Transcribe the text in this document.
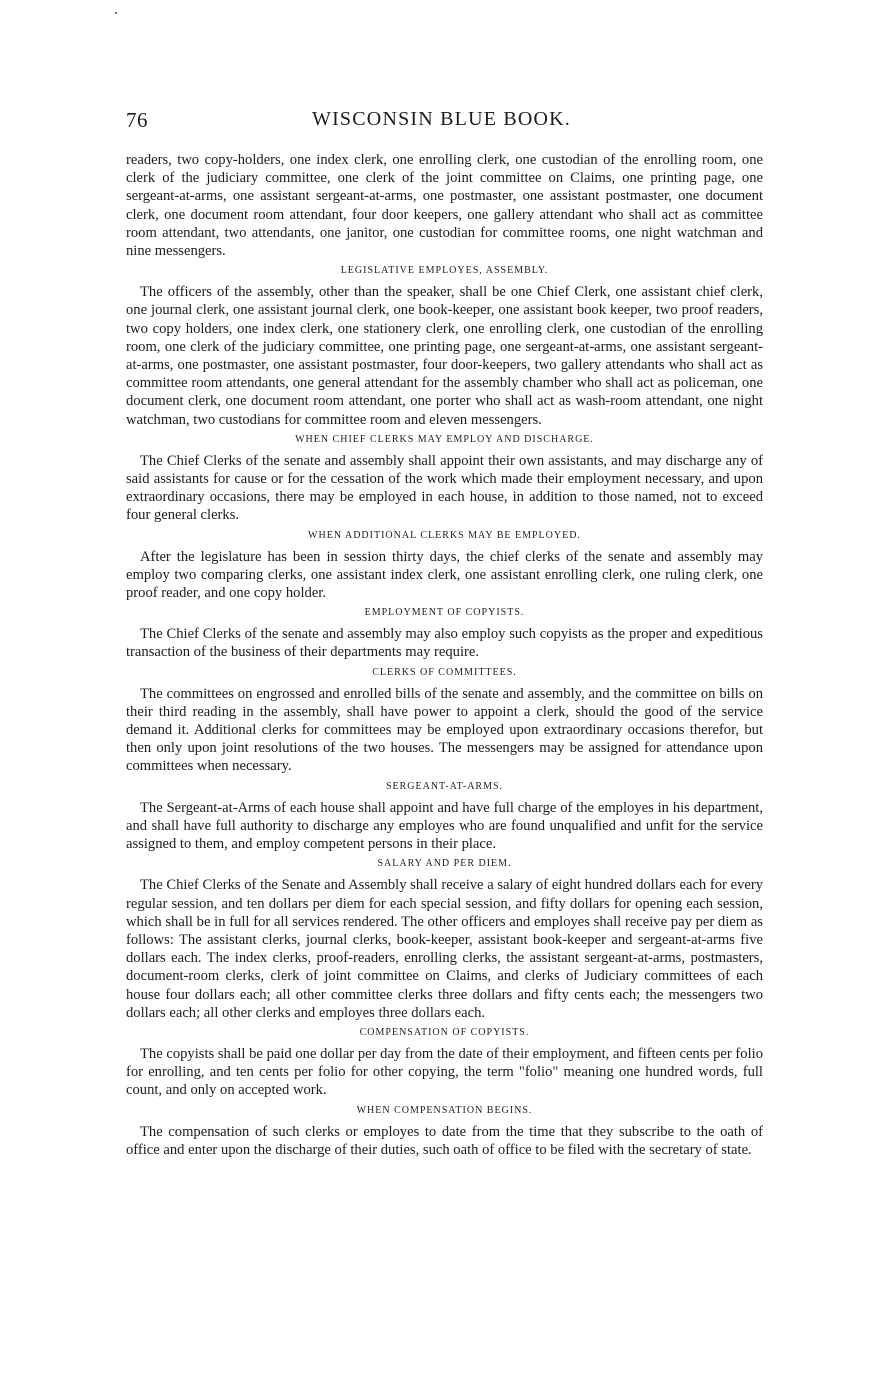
76	WISCONSIN BLUE BOOK.

readers, two copy-holders, one index clerk, one enrolling clerk, one custodian of the enrolling room, one clerk of the judiciary committee, one clerk of the joint committee on Claims, one printing page, one sergeant-at-arms, one assistant sergeant-at-arms, one postmaster, one assistant postmaster, one document clerk, one document room attendant, four door keepers, one gallery attendant who shall act as committee room attendant, two attendants, one janitor, one custodian for committee rooms, one night watchman and nine messengers.

LEGISLATIVE EMPLOYES, ASSEMBLY.

The officers of the assembly, other than the speaker, shall be one Chief Clerk, one assistant chief clerk, one journal clerk, one assistant journal clerk, one book-keeper, one assistant book keeper, two proof readers, two copy holders, one index clerk, one stationery clerk, one enrolling clerk, one custodian of the enrolling room, one clerk of the judiciary committee, one printing page, one sergeant-at-arms, one assistant sergeant-at-arms, one postmaster, one assistant postmaster, four door-keepers, two gallery attendants who shall act as committee room attendants, one general attendant for the assembly chamber who shall act as policeman, one document clerk, one document room attendant, one porter who shall act as wash-room attendant, one night watchman, two custodians for committee room and eleven messengers.

WHEN CHIEF CLERKS MAY EMPLOY AND DISCHARGE.

The Chief Clerks of the senate and assembly shall appoint their own assistants, and may discharge any of said assistants for cause or for the cessation of the work which made their employment necessary, and upon extraordinary occasions, there may be employed in each house, in addition to those named, not to exceed four general clerks.

WHEN ADDITIONAL CLERKS MAY BE EMPLOYED.

After the legislature has been in session thirty days, the chief clerks of the senate and assembly may employ two comparing clerks, one assistant index clerk, one assistant enrolling clerk, one ruling clerk, one proof reader, and one copy holder.

EMPLOYMENT OF COPYISTS.

The Chief Clerks of the senate and assembly may also employ such copyists as the proper and expeditious transaction of the business of their departments may require.

CLERKS OF COMMITTEES.

The committees on engrossed and enrolled bills of the senate and assembly, and the committee on bills on their third reading in the assembly, shall have power to appoint a clerk, should the good of the service demand it. Additional clerks for committees may be employed upon extraordinary occasions therefor, but then only upon joint resolutions of the two houses. The messengers may be assigned for attendance upon committees when necessary.

SERGEANT-AT-ARMS.

The Sergeant-at-Arms of each house shall appoint and have full charge of the employes in his department, and shall have full authority to discharge any employes who are found unqualified and unfit for the service assigned to them, and employ competent persons in their place.

SALARY AND PER DIEM.

The Chief Clerks of the Senate and Assembly shall receive a salary of eight hundred dollars each for every regular session, and ten dollars per diem for each special session, and fifty dollars for opening each session, which shall be in full for all services rendered. The other officers and employes shall receive pay per diem as follows: The assistant clerks, journal clerks, book-keeper, assistant book-keeper and sergeant-at-arms five dollars each. The index clerks, proof-readers, enrolling clerks, the assistant sergeant-at-arms, postmasters, document-room clerks, clerk of joint committee on Claims, and clerks of Judiciary committees of each house four dollars each; all other committee clerks three dollars and fifty cents each; the messengers two dollars each; all other clerks and employes three dollars each.

COMPENSATION OF COPYISTS.

The copyists shall be paid one dollar per day from the date of their employment, and fifteen cents per folio for enrolling, and ten cents per folio for other copying, the term "folio" meaning one hundred words, full count, and only on accepted work.

WHEN COMPENSATION BEGINS.

The compensation of such clerks or employes to date from the time that they subscribe to the oath of office and enter upon the discharge of their duties, such oath of office to be filed with the secretary of state.
